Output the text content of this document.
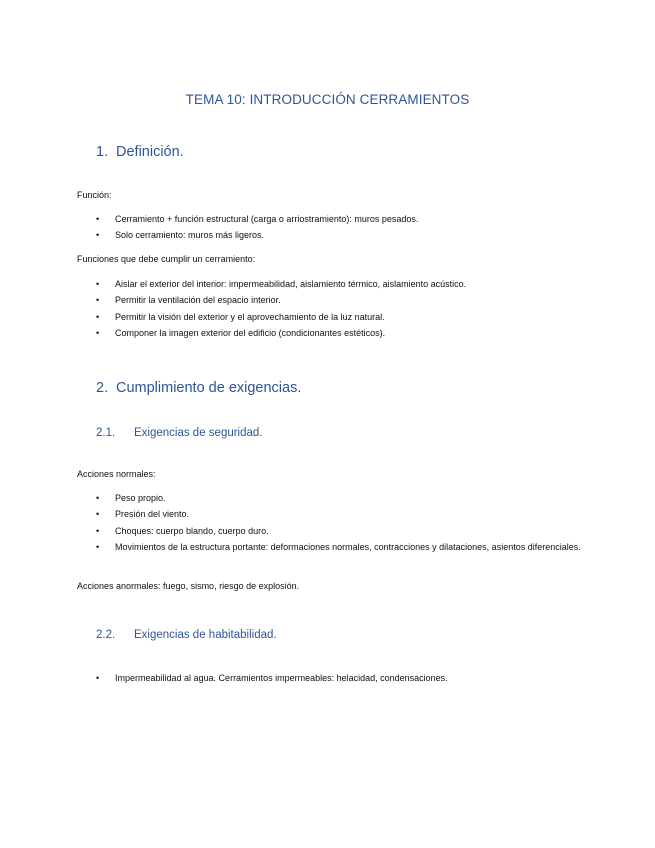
TEMA 10: INTRODUCCIÓN CERRAMIENTOS
1. Definición.
Función:
• Cerramiento + función estructural (carga o arriostramiento): muros pesados.
• Solo cerramiento: muros más ligeros.
Funciones que debe cumplir un cerramiento:
• Aislar el exterior del interior: impermeabilidad, aislamiento térmico, aislamiento acústico.
• Permitir la ventilación del espacio interior.
• Permitir la visión del exterior y el aprovechamiento de la luz natural.
• Componer la imagen exterior del edificio (condicionantes estéticos).
2. Cumplimiento de exigencias.
2.1. Exigencias de seguridad.
Acciones normales:
• Peso propio.
• Presión del viento.
• Choques: cuerpo blando, cuerpo duro.
• Movimientos de la estructura portante: deformaciones normales, contracciones y dilataciones, asientos diferenciales.
Acciones anormales: fuego, sismo, riesgo de explosión.
2.2. Exigencias de habitabilidad.
• Impermeabilidad al agua. Cerramientos impermeables: helacidad, condensaciones.
